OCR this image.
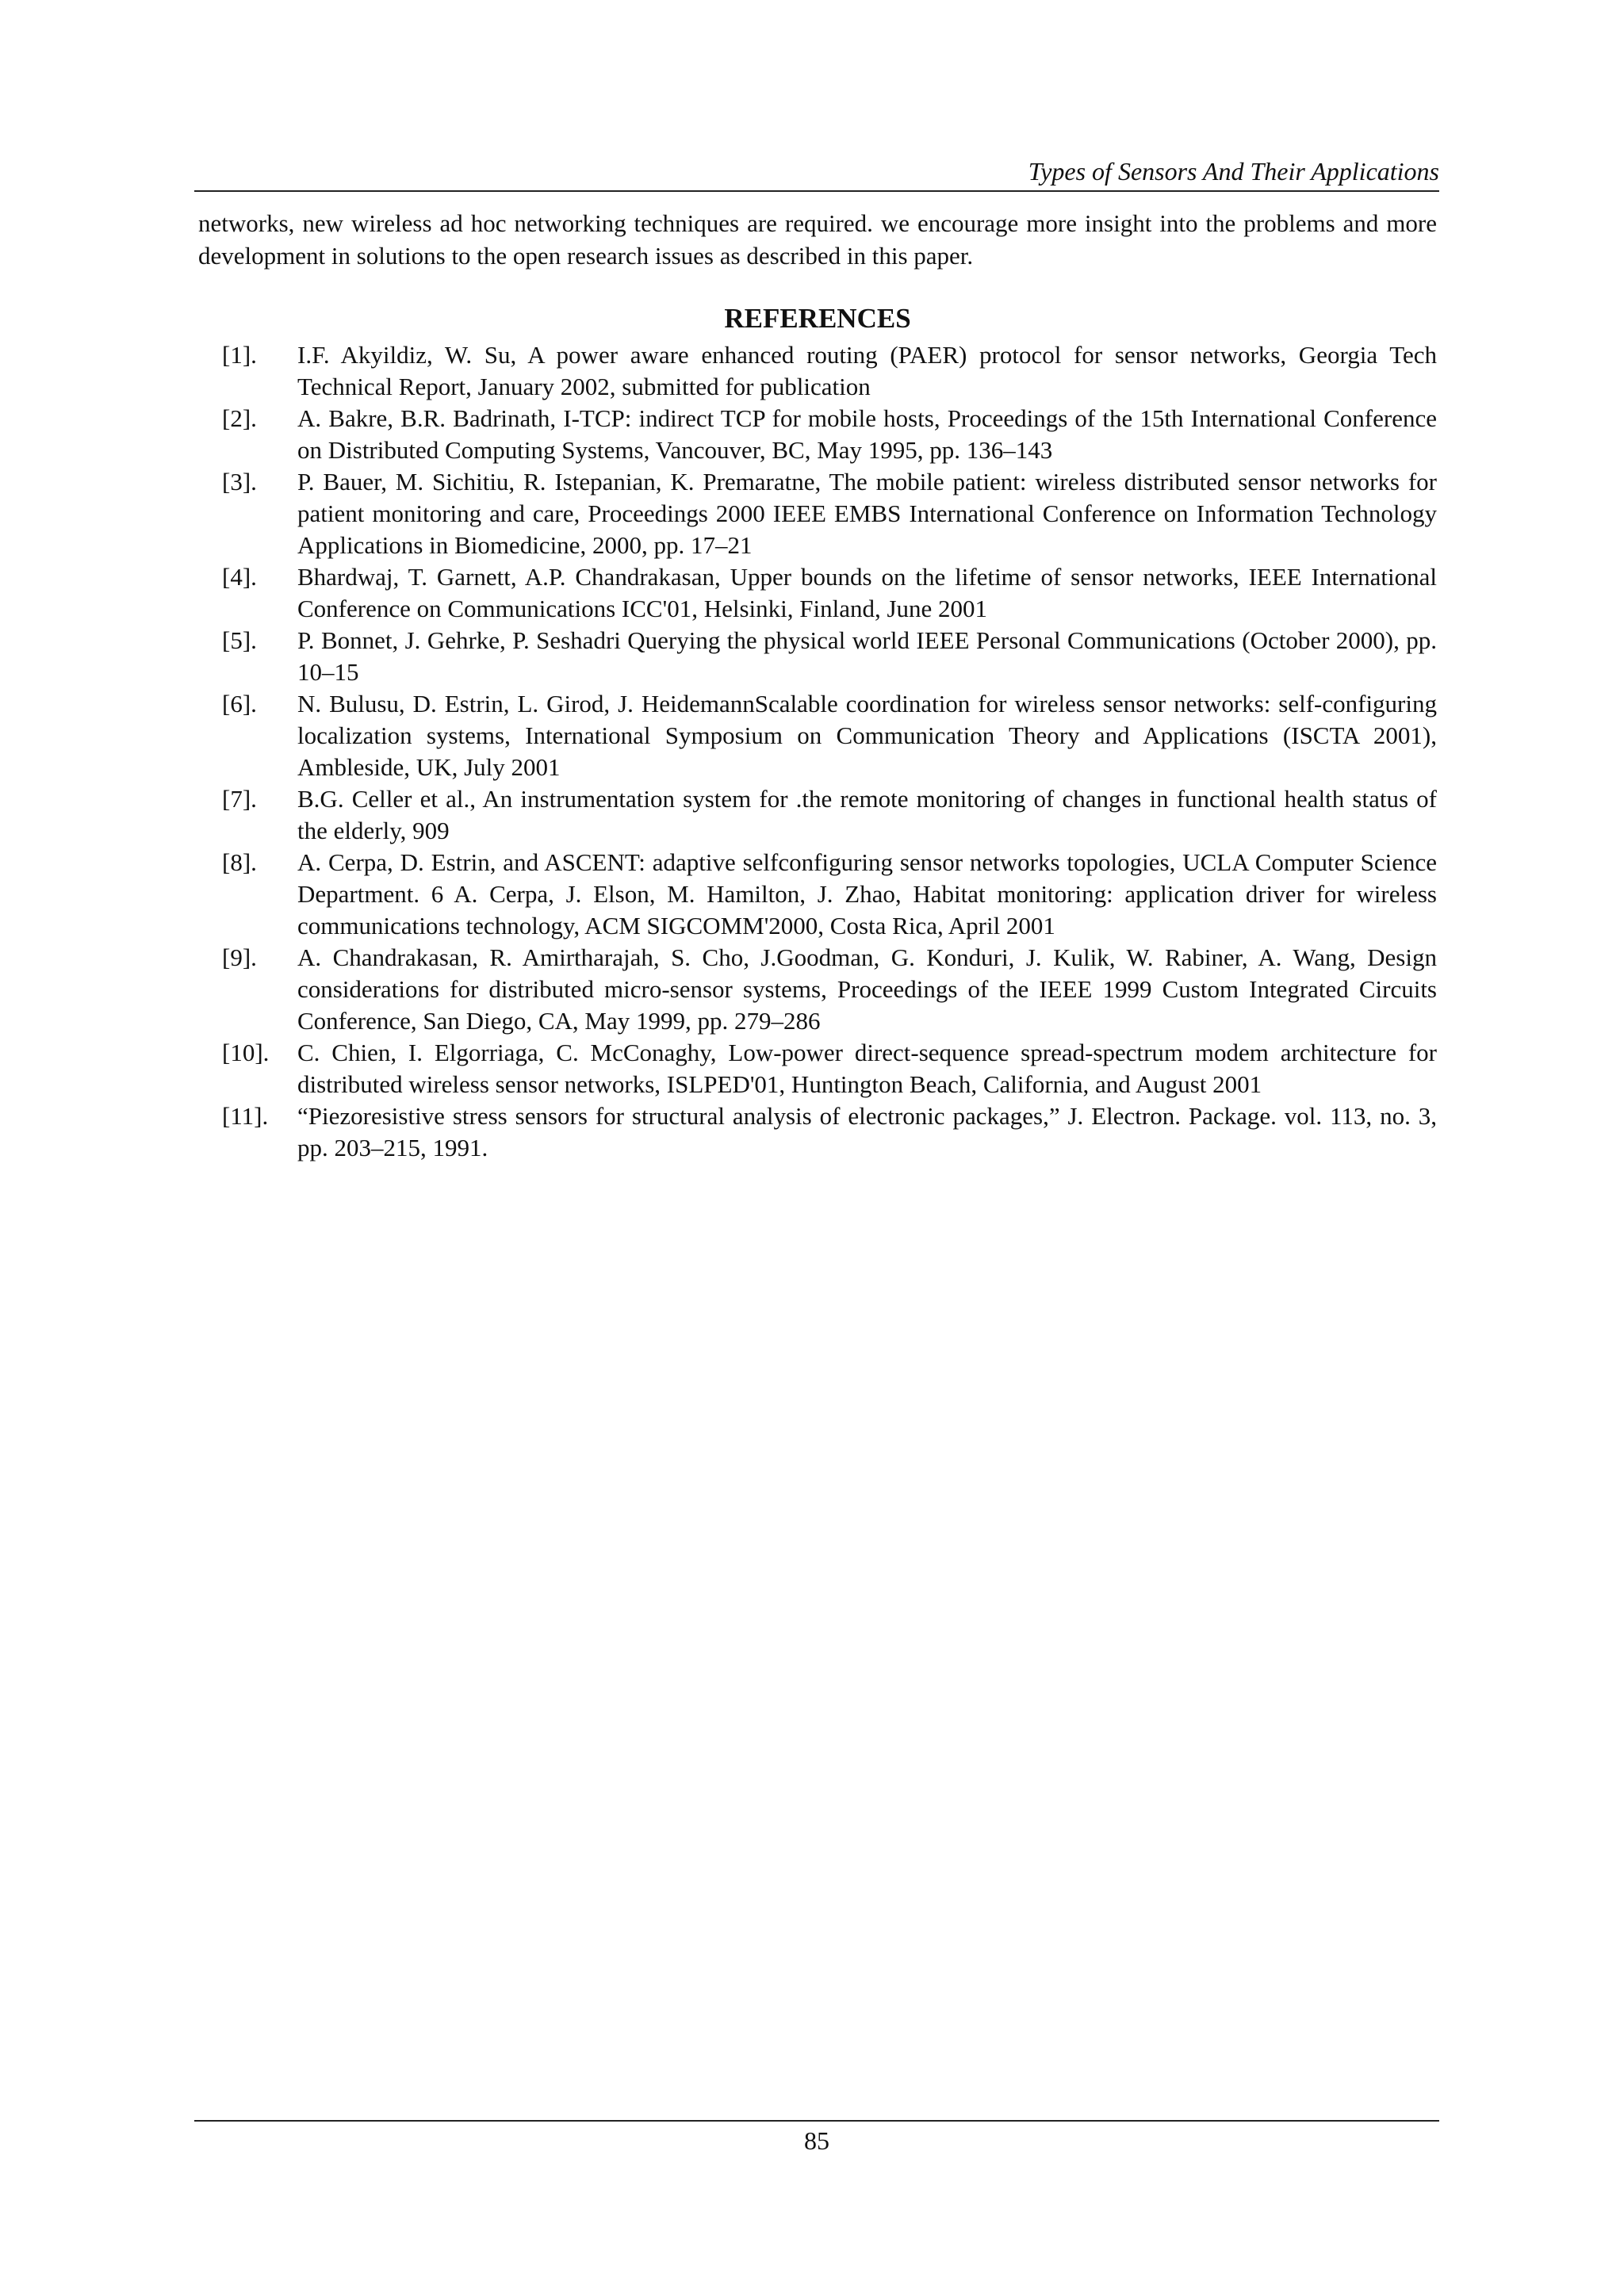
Types of Sensors And Their Applications

networks, new wireless ad hoc networking techniques are required. we encourage more insight into the problems and more development in solutions to the open research issues as described in this paper.

REFERENCES
[1]. I.F. Akyildiz, W. Su, A power aware enhanced routing (PAER) protocol for sensor networks, Georgia Tech Technical Report, January 2002, submitted for publication
[2]. A. Bakre, B.R. Badrinath, I-TCP: indirect TCP for mobile hosts, Proceedings of the 15th International Conference on Distributed Computing Systems, Vancouver, BC, May 1995, pp. 136–143
[3]. P. Bauer, M. Sichitiu, R. Istepanian, K. Premaratne, The mobile patient: wireless distributed sensor networks for patient monitoring and care, Proceedings 2000 IEEE EMBS International Conference on Information Technology Applications in Biomedicine, 2000, pp. 17–21
[4]. Bhardwaj, T. Garnett, A.P. Chandrakasan, Upper bounds on the lifetime of sensor networks, IEEE International Conference on Communications ICC'01, Helsinki, Finland, June 2001
[5]. P. Bonnet, J. Gehrke, P. Seshadri Querying the physical world IEEE Personal Communications (October 2000), pp. 10–15
[6]. N. Bulusu, D. Estrin, L. Girod, J. HeidemannScalable coordination for wireless sensor networks: self-configuring localization systems, International Symposium on Communication Theory and Applications (ISCTA 2001), Ambleside, UK, July 2001
[7]. B.G. Celler et al., An instrumentation system for .the remote monitoring of changes in functional health status of the elderly, 909
[8]. A. Cerpa, D. Estrin, and ASCENT: adaptive selfconfiguring sensor networks topologies, UCLA Computer Science Department. 6 A. Cerpa, J. Elson, M. Hamilton, J. Zhao, Habitat monitoring: application driver for wireless communications technology, ACM SIGCOMM'2000, Costa Rica, April 2001
[9]. A. Chandrakasan, R. Amirtharajah, S. Cho, J.Goodman, G. Konduri, J. Kulik, W. Rabiner, A. Wang, Design considerations for distributed micro-sensor systems, Proceedings of the IEEE 1999 Custom Integrated Circuits Conference, San Diego, CA, May 1999, pp. 279–286
[10]. C. Chien, I. Elgorriaga, C. McConaghy, Low-power direct-sequence spread-spectrum modem architecture for distributed wireless sensor networks, ISLPED'01, Huntington Beach, California, and August 2001
[11]. “Piezoresistive stress sensors for structural analysis of electronic packages,” J. Electron. Package. vol. 113, no. 3, pp. 203–215, 1991.
85
